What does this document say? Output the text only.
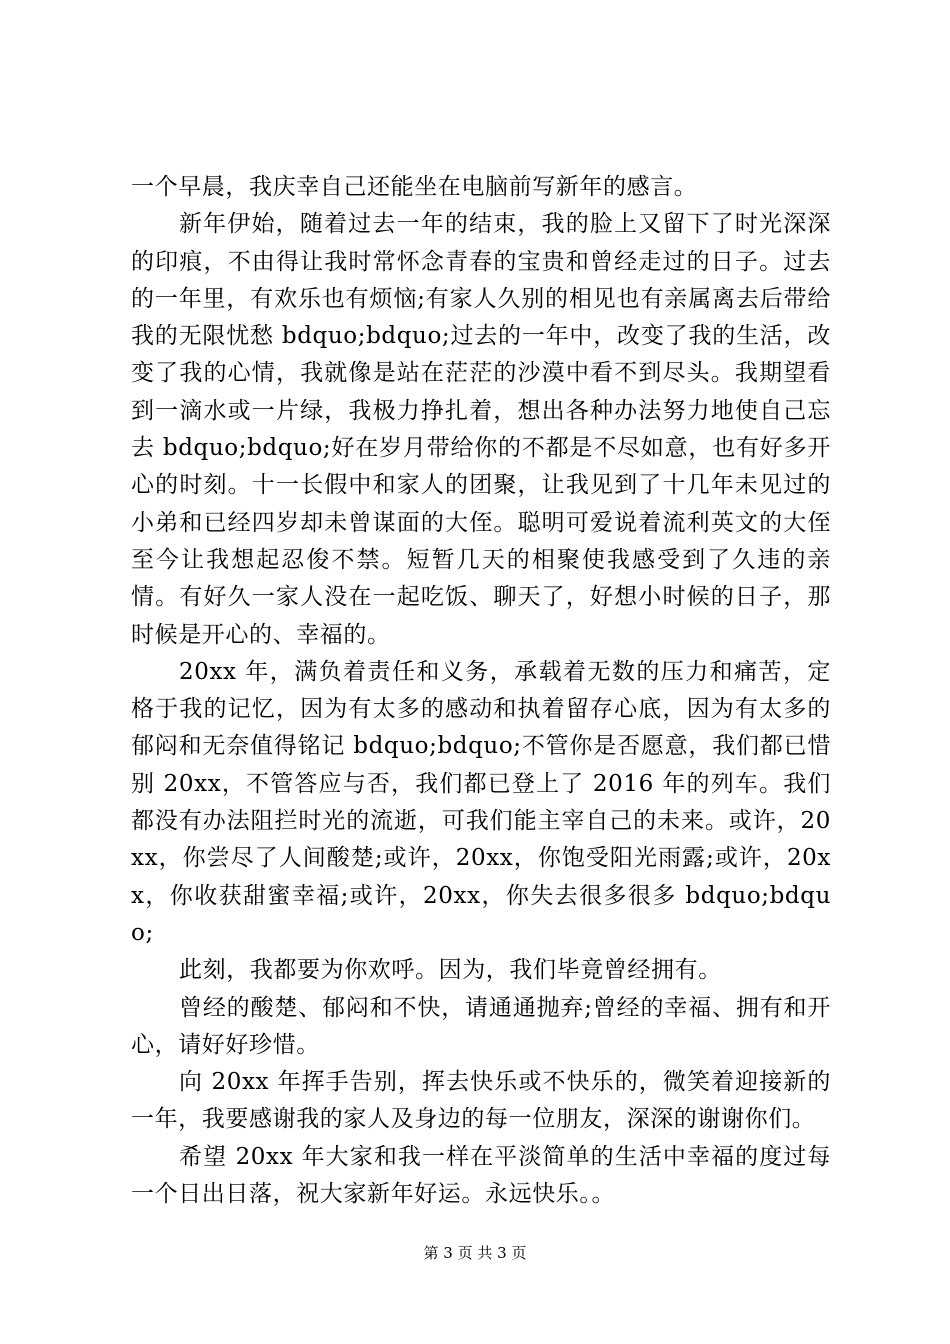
一个早晨，我庆幸自己还能坐在电脑前写新年的感言。

新年伊始，随着过去一年的结束，我的脸上又留下了时光深深的印痕，不由得让我时常怀念青春的宝贵和曾经走过的日子。过去的一年里，有欢乐也有烦恼;有家人久别的相见也有亲属离去后带给我的无限忧愁 bdquo;bdquo;过去的一年中，改变了我的生活，改变了我的心情，我就像是站在茫茫的沙漠中看不到尽头。我期望看到一滴水或一片绿，我极力挣扎着，想出各种办法努力地使自己忘去 bdquo;bdquo;好在岁月带给你的不都是不尽如意，也有好多开心的时刻。十一长假中和家人的团聚，让我见到了十几年未见过的小弟和已经四岁却未曾谋面的大侄。聪明可爱说着流利英文的大侄至今让我想起忍俊不禁。短暂几天的相聚使我感受到了久违的亲情。有好久一家人没在一起吃饭、聊天了，好想小时候的日子，那时候是开心的、幸福的。

20xx 年，满负着责任和义务，承载着无数的压力和痛苦，定格于我的记忆，因为有太多的感动和执着留存心底，因为有太多的郁闷和无奈值得铭记 bdquo;bdquo;不管你是否愿意，我们都已惜别 20xx，不管答应与否，我们都已登上了 2016 年的列车。我们都没有办法阻拦时光的流逝，可我们能主宰自己的未来。或许，20xx，你尝尽了人间酸楚;或许，20xx，你饱受阳光雨露;或许，20xx，你收获甜蜜幸福;或许，20xx，你失去很多很多 bdquo;bdquo;

此刻，我都要为你欢呼。因为，我们毕竟曾经拥有。

曾经的酸楚、郁闷和不快，请通通抛弃;曾经的幸福、拥有和开心，请好好珍惜。

向 20xx 年挥手告别，挥去快乐或不快乐的，微笑着迎接新的一年，我要感谢我的家人及身边的每一位朋友，深深的谢谢你们。

希望 20xx 年大家和我一样在平淡简单的生活中幸福的度过每一个日出日落，祝大家新年好运。永远快乐。。

第 3 页 共 3 页
